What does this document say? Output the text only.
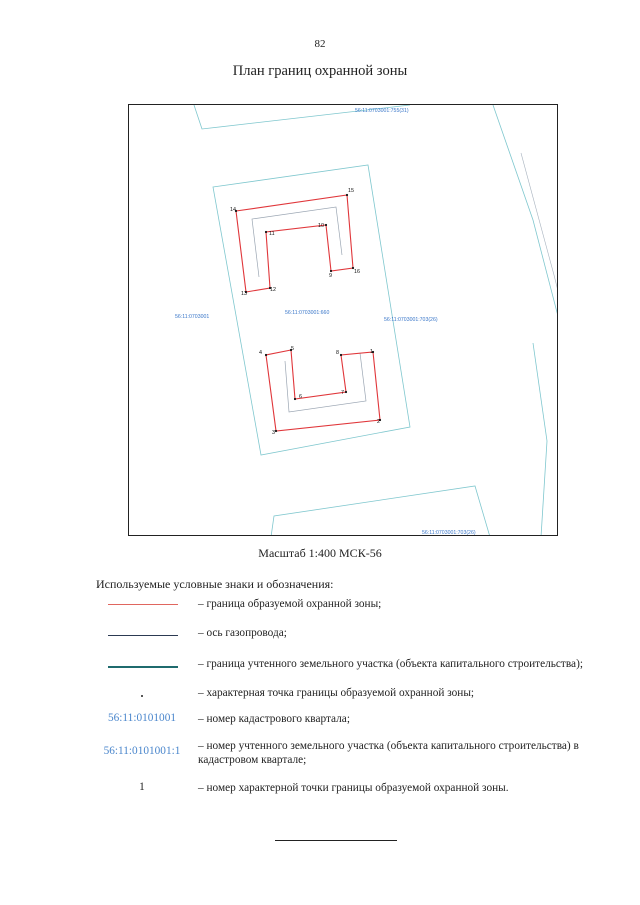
82
План границ охранной зоны
1
2
3
4
5
6
7
8
9
10
11
12
13
14
15
16
56:11:0703001:755(31)
56:11:0703001
56:11:0703001:660
56:11:0703001:703(26)
56:11:0703001:703(26)
Масштаб 1:400 МСК-56
Используемые условные знаки и обозначения:
– граница образуемой охранной зоны;
– ось газопровода;
– граница учтенного земельного участка (объекта капитального строительства);
– характерная точка границы образуемой охранной зоны;
56:11:0101001	– номер кадастрового квартала;
56:11:0101001:1	– номер учтенного земельного участка (объекта капитального строительства) в кадастровом квартале;
1	– номер характерной точки границы образуемой охранной зоны.
